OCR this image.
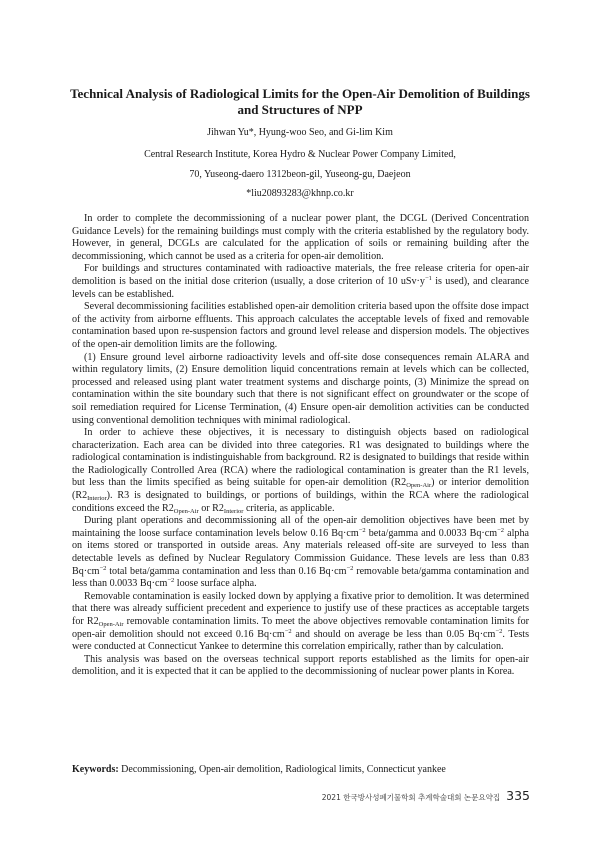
Technical Analysis of Radiological Limits for the Open-Air Demolition of Buildings and Structures of NPP
Jihwan Yu*, Hyung-woo Seo, and Gi-lim Kim
Central Research Institute, Korea Hydro & Nuclear Power Company Limited,
70, Yuseong-daero 1312beon-gil, Yuseong-gu, Daejeon
*liu20893283@khnp.co.kr

In order to complete the decommissioning of a nuclear power plant, the DCGL (Derived Concentration Guidance Levels) for the remaining buildings must comply with the criteria established by the regulatory body. However, in general, DCGLs are calculated for the application of soils or remaining building after the decommissioning, which cannot be used as a criteria for open-air demolition.

For buildings and structures contaminated with radioactive materials, the free release criteria for open-air demolition is based on the initial dose criterion (usually, a dose criterion of 10 $uSv\cdot y^{-1}$ is used), and clearance levels can be established.

Several decommissioning facilities established open-air demolition criteria based upon the offsite dose impact of the activity from airborne effluents. This approach calculates the acceptable levels of fixed and removable contamination based upon re-suspension factors and ground level release and dispersion models. The objectives of the open-air demolition limits are the following.

(1) Ensure ground level airborne radioactivity levels and off-site dose consequences remain ALARA and within regulatory limits, (2) Ensure demolition liquid concentrations remain at levels which can be collected, processed and released using plant water treatment systems and discharge points, (3) Minimize the spread on contamination within the site boundary such that there is not significant effect on groundwater or the scope of soil remediation required for License Termination, (4) Ensure open-air demolition activities can be conducted using conventional demolition techniques with minimal radiological.

In order to achieve these objectives, it is necessary to distinguish objects based on radiological characterization. Each area can be divided into three categories. R1 was designated to buildings where the radiological contamination is indistinguishable from background. R2 is designated to buildings that reside within the Radiologically Controlled Area (RCA) where the radiological contamination is greater than the R1 levels, but less than the limits specified as being suitable for open-air demolition $(R2_{Open-Air})$ or interior demolition $(R2_{Interior})$. R3 is designated to buildings, or portions of buildings, within the RCA where the radiological conditions exceed the $R2_{Open-Air}$ or $R2_{Interior}$ criteria, as applicable.

During plant operations and decommissioning all of the open-air demolition objectives have been met by maintaining the loose surface contamination levels below 0.16 $Bq\cdot cm^{-2}$ beta/gamma and 0.0033 $Bq\cdot cm^{-2}$ alpha on items stored or transported in outside areas. Any materials released off-site are surveyed to less than detectable levels as defined by Nuclear Regulatory Commission Guidance. These levels are less than 0.83 $Bq\cdot cm^{-2}$ total beta/gamma contamination and less than 0.16 $Bq\cdot cm^{-2}$ removable beta/gamma contamination and less than 0.0033 $Bq\cdot cm^{-2}$ loose surface alpha.

Removable contamination is easily locked down by applying a fixative prior to demolition. It was determined that there was already sufficient precedent and experience to justify use of these practices as acceptable targets for $R2_{Open-Air}$ removable contamination limits. To meet the above objectives removable contamination limits for open-air demolition should not exceed 0.16 $Bq\cdot cm^{-2}$ and should on average be less than 0.05 $Bq\cdot cm^{-2}$. Tests were conducted at Connecticut Yankee to determine this correlation empirically, rather than by calculation.

This analysis was based on the overseas technical support reports established as the limits for open-air demolition, and it is expected that it can be applied to the decommissioning of nuclear power plants in Korea.

Keywords: Decommissioning, Open-air demolition, Radiological limits, Connecticut yankee
2021 한국방사성폐기물학회 추계학술대회 논문요약집 335
